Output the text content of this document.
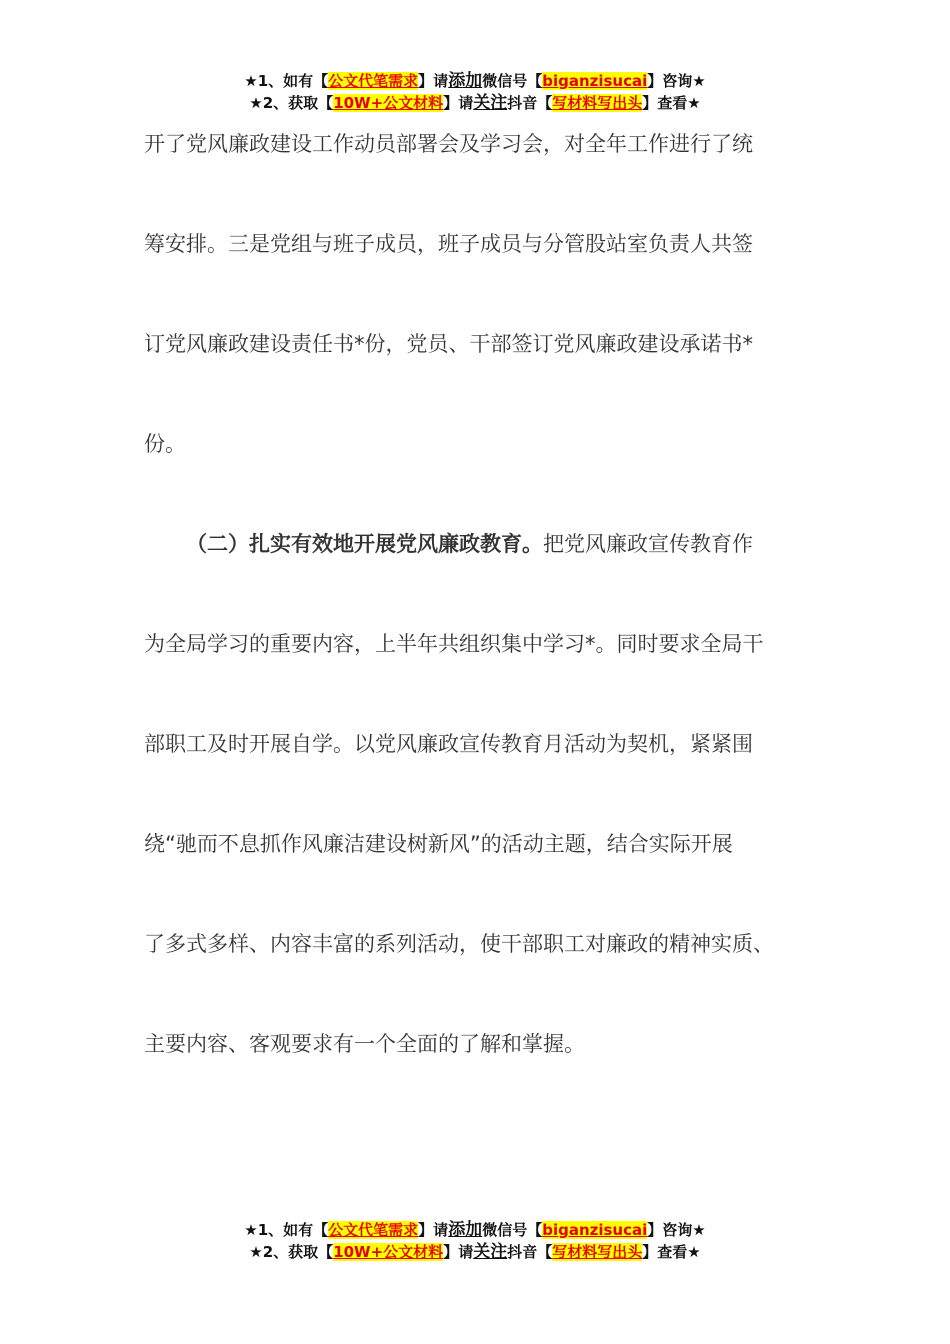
★1、如有【公文代笔需求】请添加微信号【biganzisucai】咨询★
★2、获取【10W+公文材料】请关注抖音【写材料写出头】查看★
开了党风廉政建设工作动员部署会及学习会，对全年工作进行了统
筹安排。三是党组与班子成员，班子成员与分管股站室负责人共签
订党风廉政建设责任书*份，党员、干部签订党风廉政建设承诺书*
份。
（二）扎实有效地开展党风廉政教育。把党风廉政宣传教育作
为全局学习的重要内容，上半年共组织集中学习*。同时要求全局干
部职工及时开展自学。以党风廉政宣传教育月活动为契机，紧紧围
绕“驰而不息抓作风廉洁建设树新风”的活动主题，结合实际开展
了多式多样、内容丰富的系列活动，使干部职工对廉政的精神实质、
主要内容、客观要求有一个全面的了解和掌握。
★1、如有【公文代笔需求】请添加微信号【biganzisucai】咨询★
★2、获取【10W+公文材料】请关注抖音【写材料写出头】查看★
